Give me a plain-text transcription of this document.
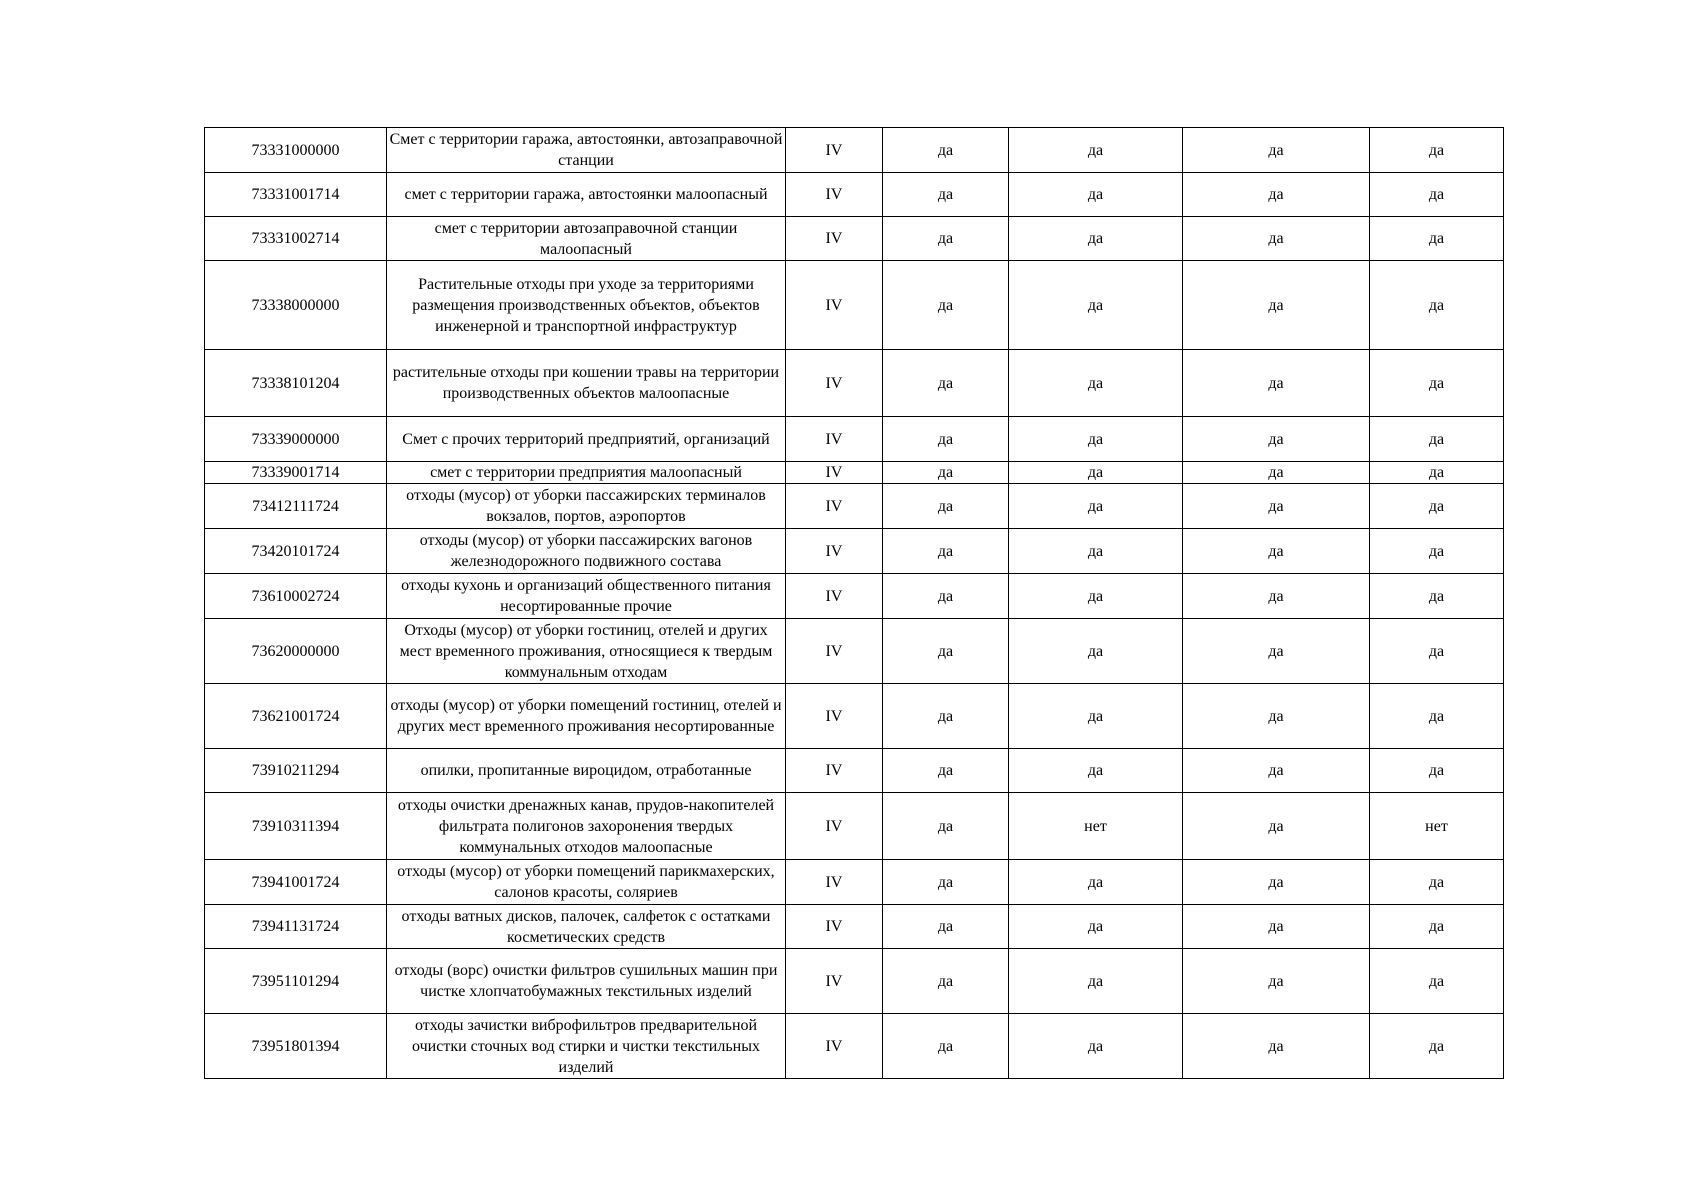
73331000000	Смет с территории гаража, автостоянки, автозаправочной станции	IV	да	да	да	да
73331001714	смет с территории гаража, автостоянки малоопасный	IV	да	да	да	да
73331002714	смет с территории автозаправочной станции малоопасный	IV	да	да	да	да
73338000000	Растительные отходы при уходе за территориями размещения производственных объектов, объектов инженерной и транспортной инфраструктур	IV	да	да	да	да
73338101204	растительные отходы при кошении травы на территории производственных объектов малоопасные	IV	да	да	да	да
73339000000	Смет с прочих территорий предприятий, организаций	IV	да	да	да	да
73339001714	смет с территории предприятия малоопасный	IV	да	да	да	да
73412111724	отходы (мусор) от уборки пассажирских терминалов вокзалов, портов, аэропортов	IV	да	да	да	да
73420101724	отходы (мусор) от уборки пассажирских вагонов железнодорожного подвижного состава	IV	да	да	да	да
73610002724	отходы кухонь и организаций общественного питания несортированные прочие	IV	да	да	да	да
73620000000	Отходы (мусор) от уборки гостиниц, отелей и других мест временного проживания, относящиеся к твердым коммунальным отходам	IV	да	да	да	да
73621001724	отходы (мусор) от уборки помещений гостиниц, отелей и других мест временного проживания несортированные	IV	да	да	да	да
73910211294	опилки, пропитанные вироцидом, отработанные	IV	да	да	да	да
73910311394	отходы очистки дренажных канав, прудов-накопителей фильтрата полигонов захоронения твердых коммунальных отходов малоопасные	IV	да	нет	да	нет
73941001724	отходы (мусор) от уборки помещений парикмахерских, салонов красоты, соляриев	IV	да	да	да	да
73941131724	отходы ватных дисков, палочек, салфеток с остатками косметических средств	IV	да	да	да	да
73951101294	отходы (ворс) очистки фильтров сушильных машин при чистке хлопчатобумажных текстильных изделий	IV	да	да	да	да
73951801394	отходы зачистки виброфильтров предварительной очистки сточных вод стирки и чистки текстильных изделий	IV	да	да	да	да
